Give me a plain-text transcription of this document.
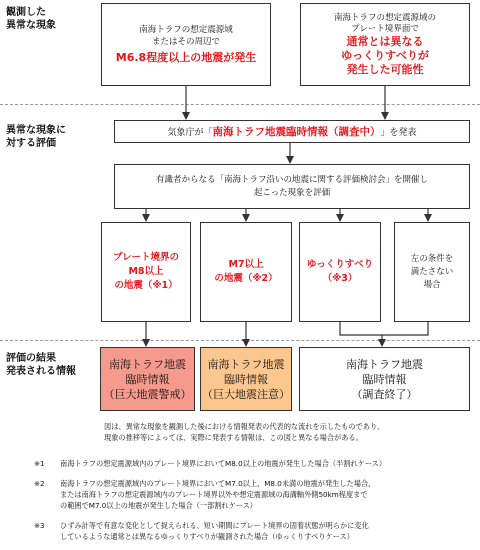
観測した
異常な現象
異常な現象に
対する評価
評価の結果
発表される情報
南海トラフの想定震源域
またはその周辺で
M6.8程度以上の地震が発生
南海トラフの想定震源域の
プレート境界面で
通常とは異なる
ゆっくりすべりが
発生した可能性
気象庁が「 南海トラフ地震臨時情報（調査中） 」を発表
有識者からなる「南海トラフ沿いの地震に関する評価検討会」を開催し
起こった現象を評価
プレート境界の
M8以上
の地震（※1）
M7以上
の地震（※2）
ゆっくりすべり
（※3）
左の条件を
満たさない
場合
南海トラフ地震
臨時情報
（巨大地震警戒）
南海トラフ地震
臨時情報
（巨大地震注意）
南海トラフ地震
臨時情報
（調査終了）
図は、異常な現象を観測した後における情報発表の代表的な流れを示したものであり、
現象の推移等によっては、実際に発表する情報は、この図と異なる場合がある。
※1 南海トラフの想定震源域内のプレート境界においてM8.0以上の地震が発生した場合（半割れケース）
※2 南海トラフの想定震源域内のプレート境界においてM7.0以上、M8.0未満の地震が発生した場合、
または南海トラフの想定震源域内のプレート境界以外や想定震源域の海溝軸外側50km程度まで
の範囲でM7.0以上の地震が発生した場合（一部割れケース）
※3 ひずみ計等で有意な変化として捉えられる、短い期間にプレート境界の固着状態が明らかに変化
しているような通常とは異なるゆっくりすべりが観測された場合（ゆっくりすべりケース）
